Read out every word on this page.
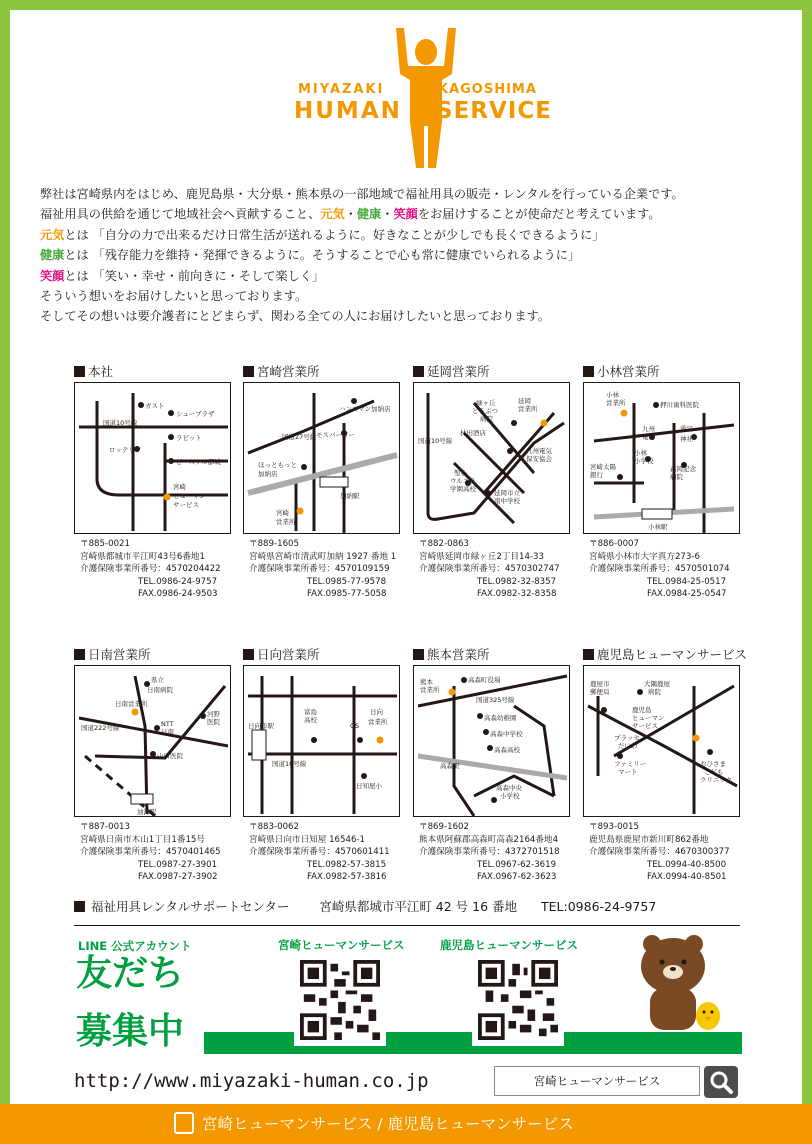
MIYAZAKI
HUMAN
KAGOSHIMA
SERVICE

弊社は宮崎県内をはじめ、鹿児島県・大分県・熊本県の一部地域で福祉用具の販売・レンタルを行っている企業です。

福祉用具の供給を通じて地域社会へ貢献すること、元気・健康・笑顔をお届けすることが使命だと考えています。

元気とは 「自分の力で出来るだけ日常生活が送れるように。好きなことが少しでも長くできるように」

健康とは 「残存能力を維持・発揮できるように。そうすることで心も常に健康でいられるように」

笑顔とは 「笑い・幸せ・前向きに・そして楽しく」

そういう想いをお届けしたいと思っております。

そしてその想いは要介護者にとどまらず、関わる全ての人にお届けしたいと思っております。

本社
ガスト
シューブラザ
ラピット
ロッテリア
ピースフル都城
国道10号線
宮崎
ヒューマン
サービス
〒885-0021
宮崎県都城市平江町43号6番地1
介護保険事業所番号：4570204422
TEL.0986-24-9757
FAX.0986-24-9503
宮崎営業所
ハンズマン加納店
モスバーガー
国道27号線
ほっともっと
加納店
加納駅
宮崎
営業所
〒889-1605
宮崎県宮崎市清武町加納 1927 番地 1
介護保険事業所番号：4570109159
TEL.0985-77-9578
FAX.0985-77-5058
延岡営業所
緑ヶ丘
どうぶつ
病院
延岡
営業所
林田酒店
九州電気
保安協会
聖心
ウルスラ
学園高校	延岡市立
南中学校
国道10号線
〒882-0863
宮崎県延岡市緑ヶ丘2丁目14-33
介護保険事業所番号：4570302747
TEL.0982-32-8357
FAX.0982-32-8358
小林営業所
小林
営業所	押川歯科医院
九州
電力
愛宕
神社
小林
小学校
森岡記念
病院
宮崎太陽
銀行
小林駅
〒886-0007
宮崎県小林市大字真方273-6
介護保険事業所番号：4570501074
TEL.0984-25-0517
FAX.0984-25-0547
日南営業所
県立
日南病院
日南営業所
河野
医院
NTT
日南
国道222号線
山口医院
油津駅
〒887-0013
宮崎県日南市木山1丁目1番15号
介護保険事業所番号：4570401465
TEL.0987-27-3901
FAX.0987-27-3902
日向営業所
富島
高校
日向
営業所
GS
日知屋小
国道10号線
日向市駅
〒883-0062
宮崎県日向市日知屋 16546-1
介護保険事業所番号：4570601411
TEL.0982-57-3815
FAX.0982-57-3816
熊本営業所
熊本
営業所
高森町役場
国道325号線
高森幼稚園
高森中学校
高森高校
高森駅
高森中央
小学校
〒869-1602
熊本県阿蘇郡高森町高森2164番地4
介護保険事業所番号：4372701518
TEL.0967-62-3619
FAX.0967-62-3623
鹿児島ヒューマンサービス
鹿屋市
郵便局
大隅鹿屋
病院
鹿児島
ヒューマン
サービス
プラッセ
だいわ
ファミリー
マート
おひさま
こども
クリニック
〒893-0015
鹿児島県鹿屋市新川町862番地
介護保険事業所番号：4670300377
TEL.0994-40-8500
FAX.0994-40-8501
福祉用具レンタルサポートセンター 宮崎県都城市平江町 42 号 16 番地 TEL:0986-24-9757
LINE 公式アカウント
友だち
募集中
宮崎ヒューマンサービス	鹿児島ヒューマンサービス
http://www.miyazaki-human.co.jp	宮崎ヒューマンサービス
宮崎ヒューマンサービス / 鹿児島ヒューマンサービス
